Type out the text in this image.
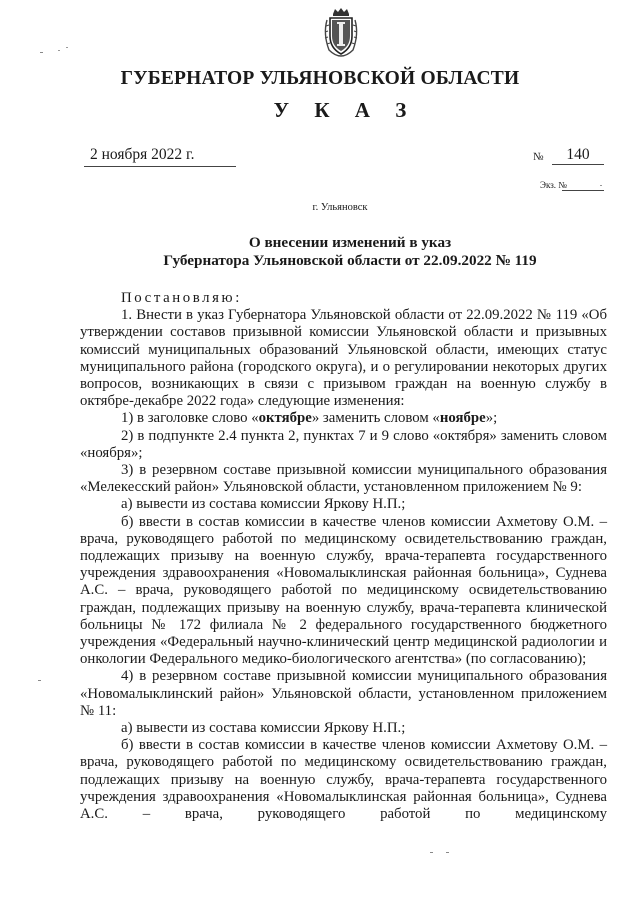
ГУБЕРНАТОР УЛЬЯНОВСКОЙ ОБЛАСТИ
У К А З
2 ноября 2022 г.	№	140
Экз. №
г. Ульяновск
О внесении изменений в указ
Губернатора Ульяновской области от 22.09.2022 № 119

Постановляю:

1. Внести в указ Губернатора Ульяновской области от 22.09.2022 № 119 «Об утверждении составов призывной комиссии Ульяновской области и призывных комиссий муниципальных образований Ульяновской области, имеющих статус муниципального района (городского округа), и о регулировании некоторых других вопросов, возникающих в связи с призывом граждан на военную службу в октябре-декабре 2022 года» следующие изменения:

1) в заголовке слово «октябре» заменить словом «ноябре»;

2) в подпункте 2.4 пункта 2, пунктах 7 и 9 слово «октября» заменить словом «ноября»;

3) в резервном составе призывной комиссии муниципального образования «Мелекесский район» Ульяновской области, установленном приложением № 9:

а) вывести из состава комиссии Яркову Н.П.;

б) ввести в состав комиссии в качестве членов комиссии Ахметову О.М. – врача, руководящего работой по медицинскому освидетельствованию граждан, подлежащих призыву на военную службу, врача-терапевта государственного учреждения здравоохранения «Новомалыклинская районная больница», Суднева А.С. – врача, руководящего работой по медицинскому освидетельствованию граждан, подлежащих призыву на военную службу, врача-терапевта клинической больницы № 172 филиала № 2 федерального государственного бюджетного учреждения «Федеральный научно-клинический центр медицинской радиологии и онкологии Федерального медико-биологического агентства» (по согласованию);

4) в резервном составе призывной комиссии муниципального образования «Новомалыклинский район» Ульяновской области, установленном приложением № 11:

а) вывести из состава комиссии Яркову Н.П.;

б) ввести в состав комиссии в качестве членов комиссии Ахметову О.М. – врача, руководящего работой по медицинскому освидетельствованию граждан, подлежащих призыву на военную службу, врача-терапевта государственного учреждения здравоохранения «Новомалыклинская районная больница», Суднева А.С. – врача, руководящего работой по медицинскому
